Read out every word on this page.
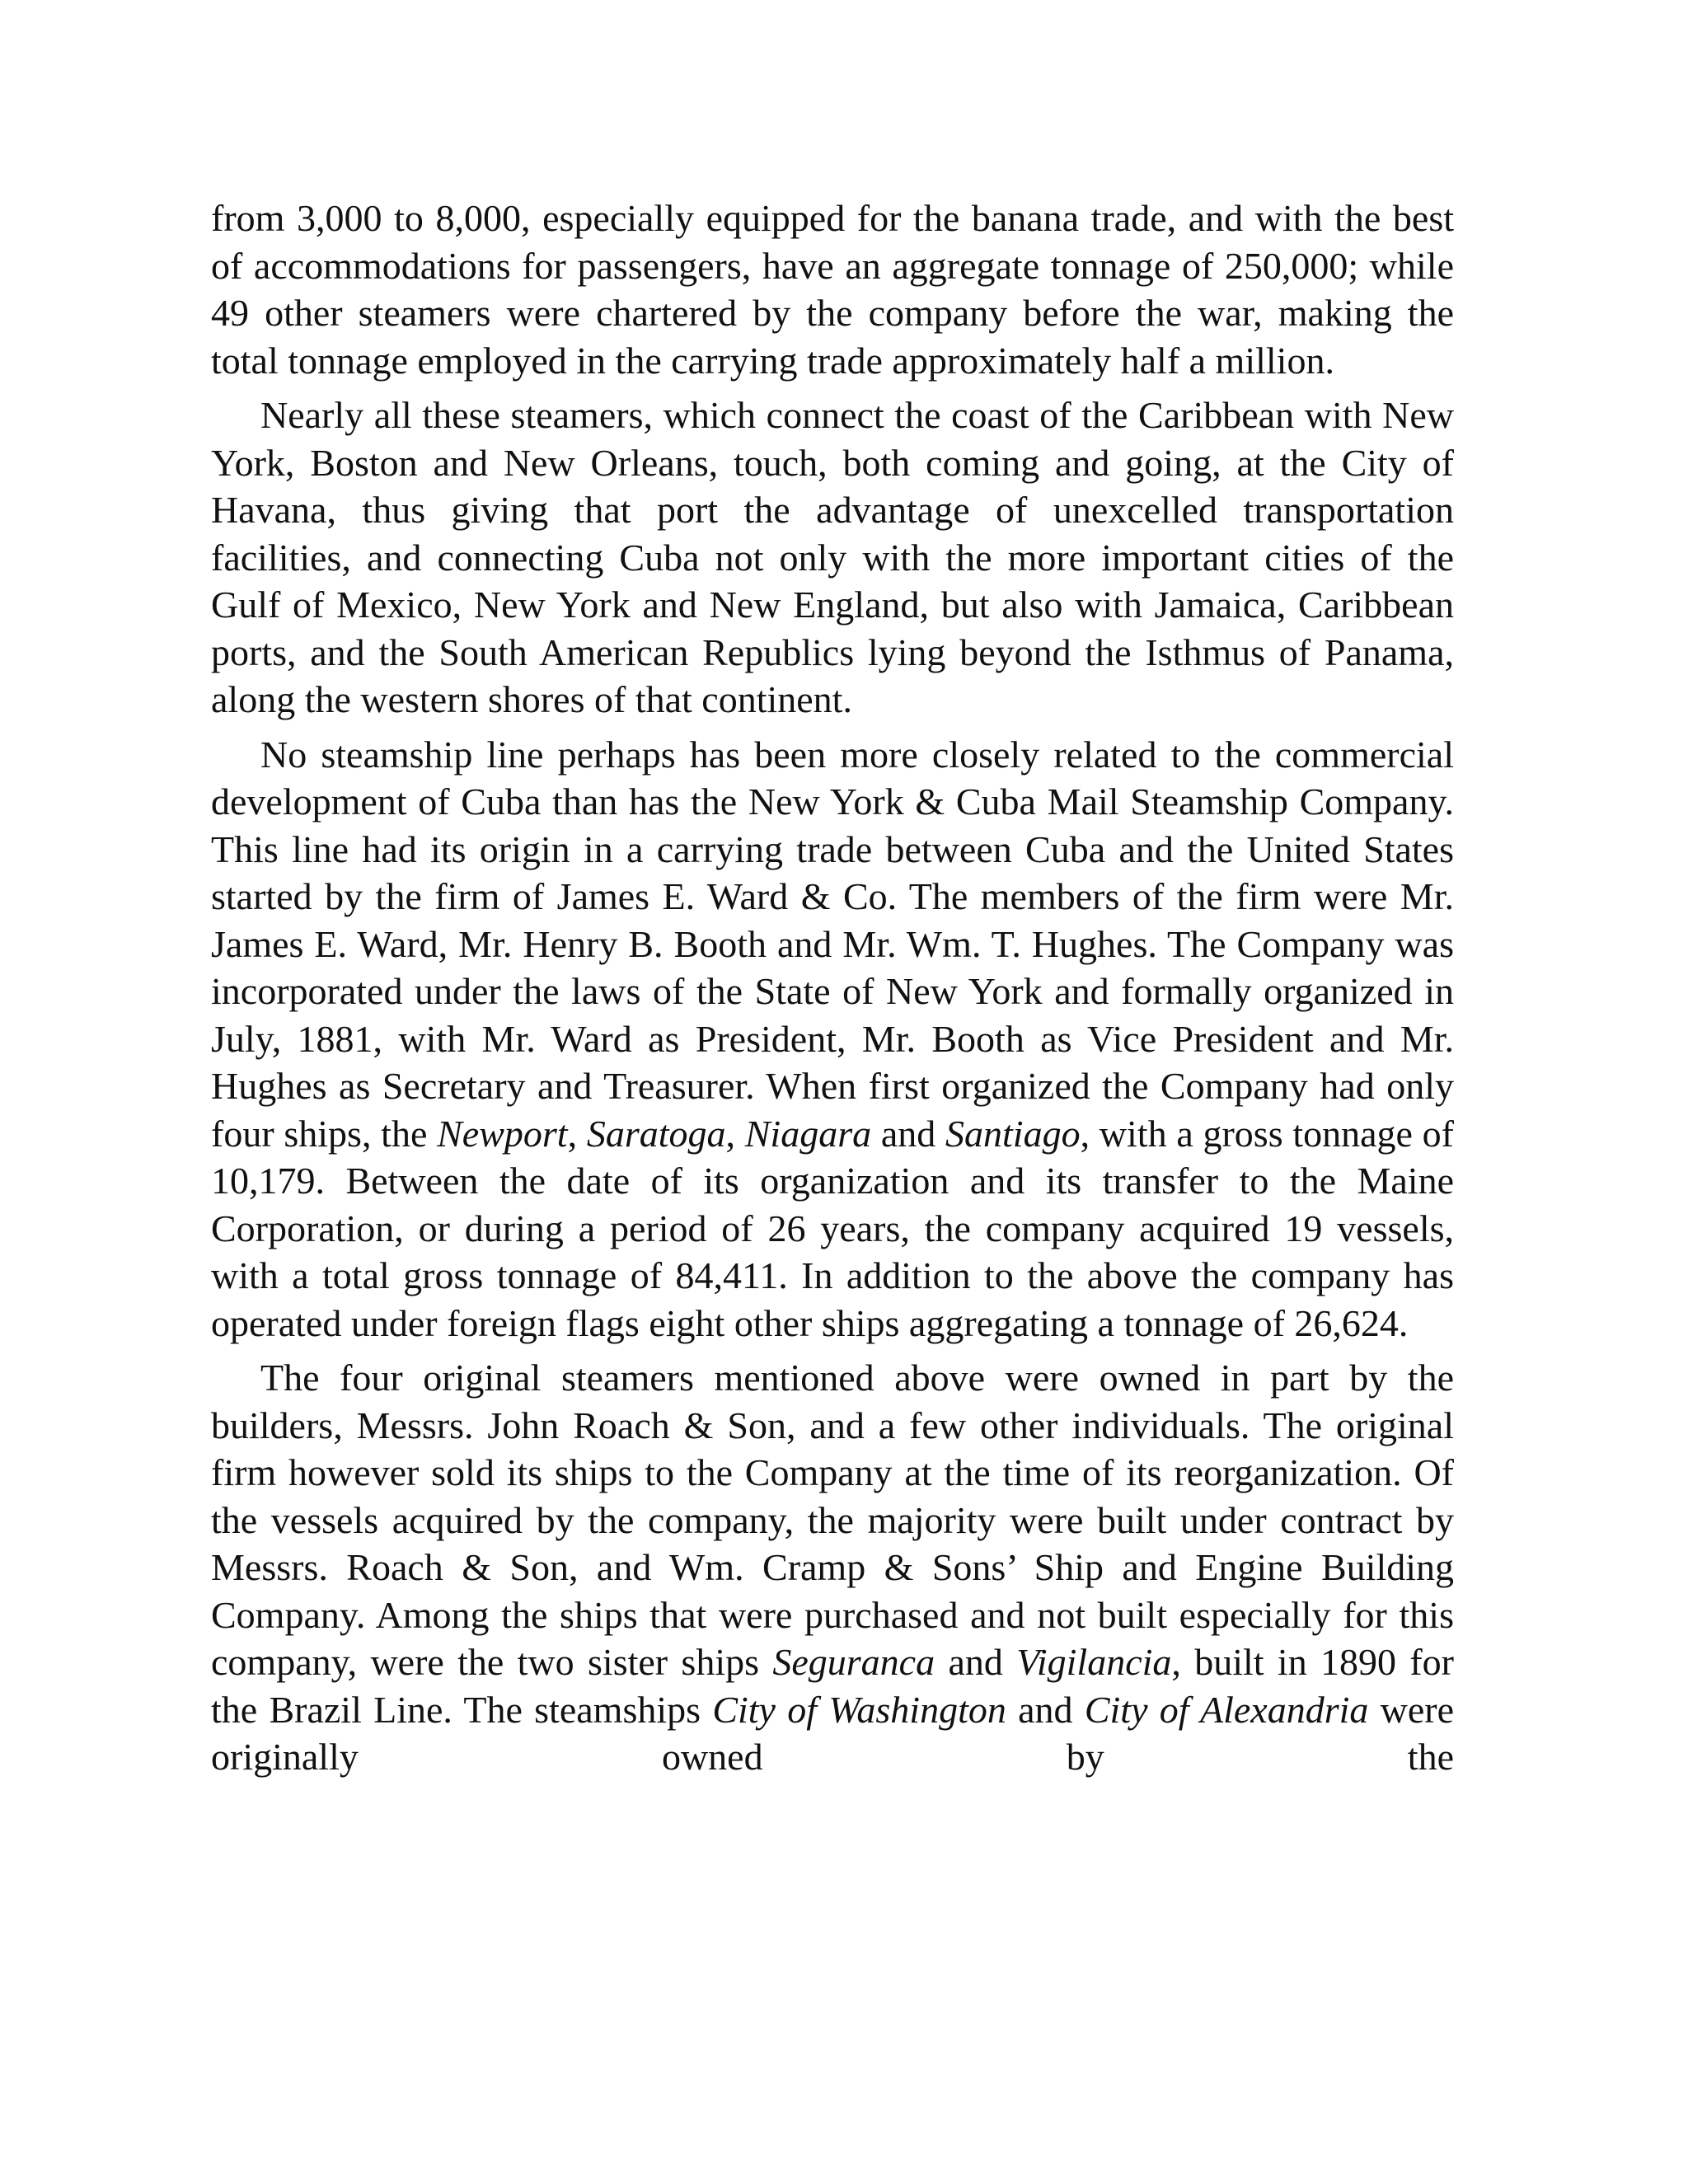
from 3,000 to 8,000, especially equipped for the banana trade, and with the best of accommodations for passengers, have an aggregate tonnage of 250,000; while 49 other steamers were chartered by the company before the war, making the total tonnage employed in the carrying trade approximately half a million.

Nearly all these steamers, which connect the coast of the Caribbean with New York, Boston and New Orleans, touch, both coming and going, at the City of Havana, thus giving that port the advantage of unexcelled transportation facilities, and connecting Cuba not only with the more important cities of the Gulf of Mexico, New York and New England, but also with Jamaica, Caribbean ports, and the South American Republics lying beyond the Isthmus of Panama, along the western shores of that continent.

No steamship line perhaps has been more closely related to the commercial development of Cuba than has the New York & Cuba Mail Steamship Company. This line had its origin in a carrying trade between Cuba and the United States started by the firm of James E. Ward & Co. The members of the firm were Mr. James E. Ward, Mr. Henry B. Booth and Mr. Wm. T. Hughes. The Company was incorporated under the laws of the State of New York and formally organized in July, 1881, with Mr. Ward as President, Mr. Booth as Vice President and Mr. Hughes as Secretary and Treasurer. When first organized the Company had only four ships, the Newport, Saratoga, Niagara and Santiago, with a gross tonnage of 10,179. Between the date of its organization and its transfer to the Maine Corporation, or during a period of 26 years, the company acquired 19 vessels, with a total gross tonnage of 84,411. In addition to the above the company has operated under foreign flags eight other ships aggregating a tonnage of 26,624.

The four original steamers mentioned above were owned in part by the builders, Messrs. John Roach & Son, and a few other individuals. The original firm however sold its ships to the Company at the time of its reorganization. Of the vessels acquired by the company, the majority were built under contract by Messrs. Roach & Son, and Wm. Cramp & Sons’ Ship and Engine Building Company. Among the ships that were purchased and not built especially for this company, were the two sister ships Seguranca and Vigilancia, built in 1890 for the Brazil Line. The steamships City of Washington and City of Alexandria were originally owned by the
